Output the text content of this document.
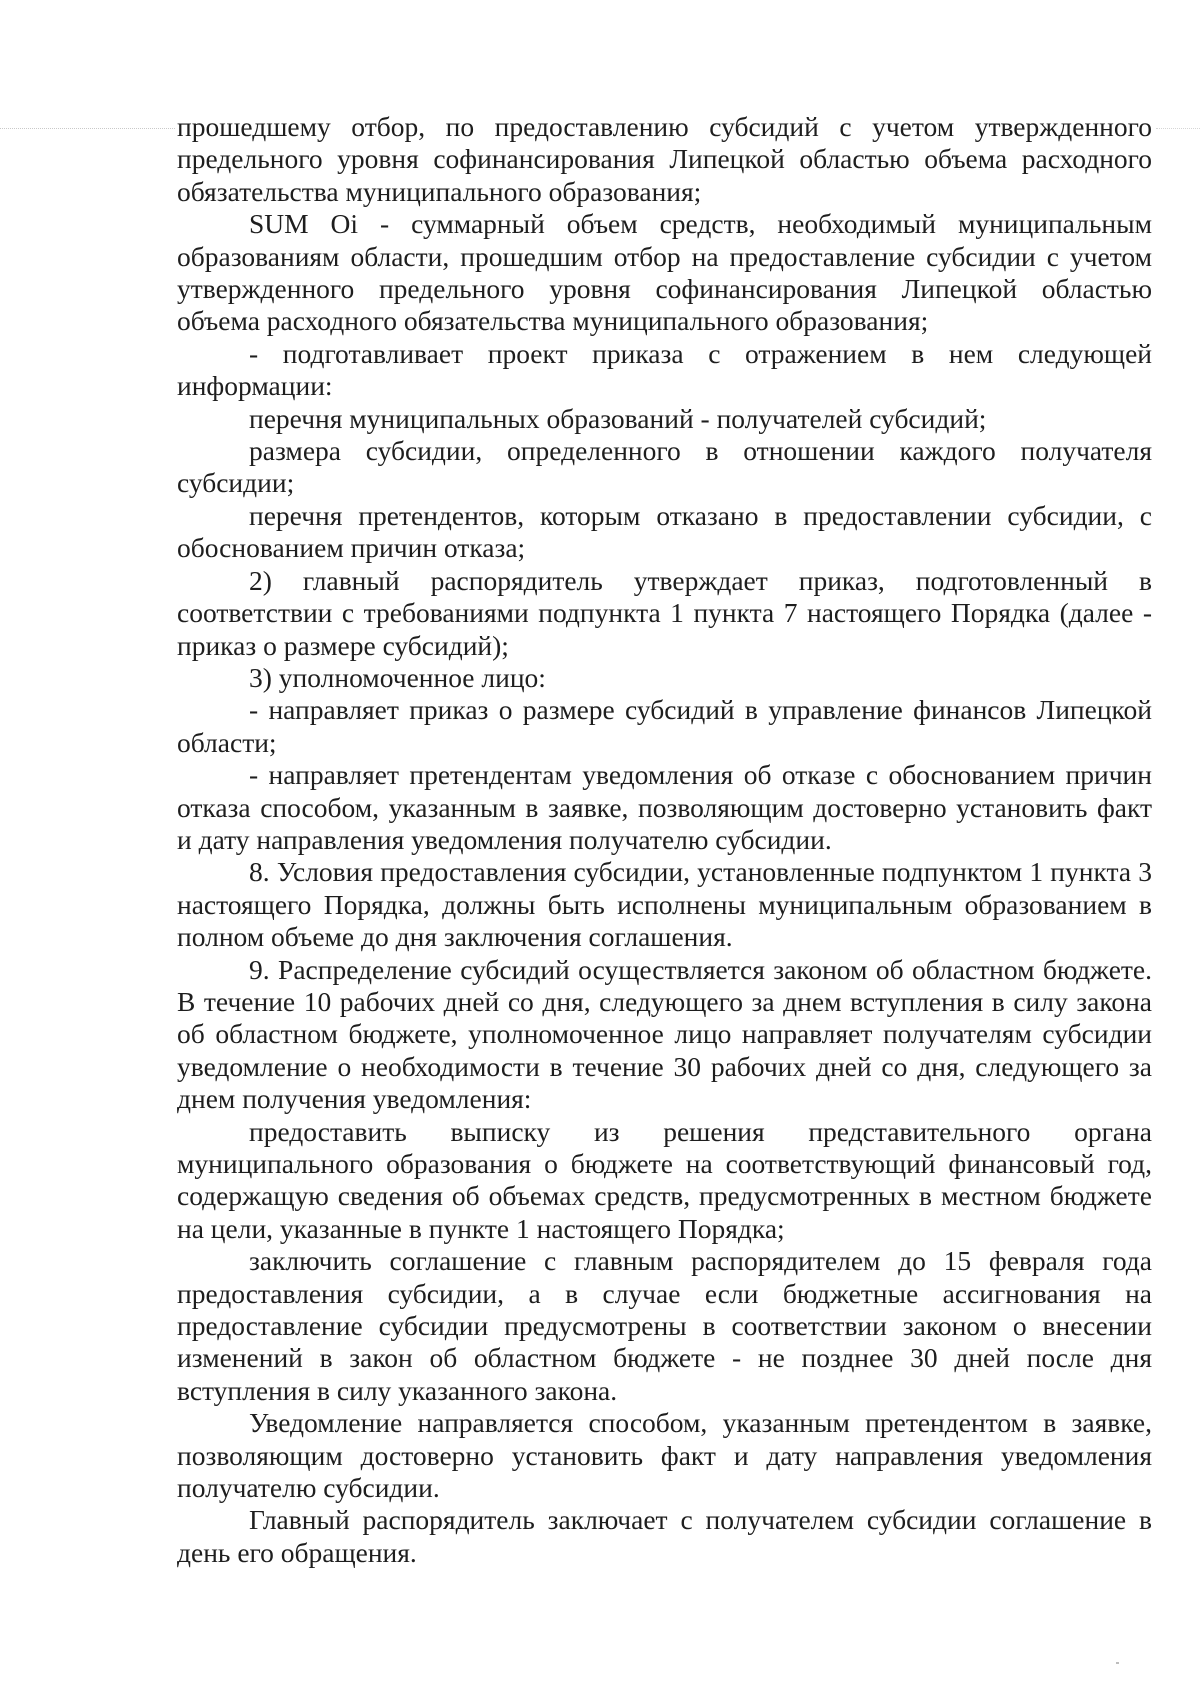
прошедшему отбор, по предоставлению субсидий с учетом утвержденного предельного уровня софинансирования Липецкой областью объема расходного обязательства муниципального образования;

SUM Oi - суммарный объем средств, необходимый муниципальным образованиям области, прошедшим отбор на предоставление субсидии с учетом утвержденного предельного уровня софинансирования Липецкой областью объема расходного обязательства муниципального образования;

- подготавливает проект приказа с отражением в нем следующей информации:

перечня муниципальных образований - получателей субсидий;

размера субсидии, определенного в отношении каждого получателя субсидии;

перечня претендентов, которым отказано в предоставлении субсидии, с обоснованием причин отказа;

2) главный распорядитель утверждает приказ, подготовленный в соответствии с требованиями подпункта 1 пункта 7 настоящего Порядка (далее - приказ о размере субсидий);

3) уполномоченное лицо:

- направляет приказ о размере субсидий в управление финансов Липецкой области;

- направляет претендентам уведомления об отказе с обоснованием причин отказа способом, указанным в заявке, позволяющим достоверно установить факт и дату направления уведомления получателю субсидии.

8. Условия предоставления субсидии, установленные подпунктом 1 пункта 3 настоящего Порядка, должны быть исполнены муниципальным образованием в полном объеме до дня заключения соглашения.

9. Распределение субсидий осуществляется законом об областном бюджете. В течение 10 рабочих дней со дня, следующего за днем вступления в силу закона об областном бюджете, уполномоченное лицо направляет получателям субсидии уведомление о необходимости в течение 30 рабочих дней со дня, следующего за днем получения уведомления:

предоставить выписку из решения представительного органа муниципального образования о бюджете на соответствующий финансовый год, содержащую сведения об объемах средств, предусмотренных в местном бюджете на цели, указанные в пункте 1 настоящего Порядка;

заключить соглашение с главным распорядителем до 15 февраля года предоставления субсидии, а в случае если бюджетные ассигнования на предоставление субсидии предусмотрены в соответствии законом о внесении изменений в закон об областном бюджете - не позднее 30 дней после дня вступления в силу указанного закона.

Уведомление направляется способом, указанным претендентом в заявке, позволяющим достоверно установить факт и дату направления уведомления получателю субсидии.

Главный распорядитель заключает с получателем субсидии соглашение в день его обращения.
